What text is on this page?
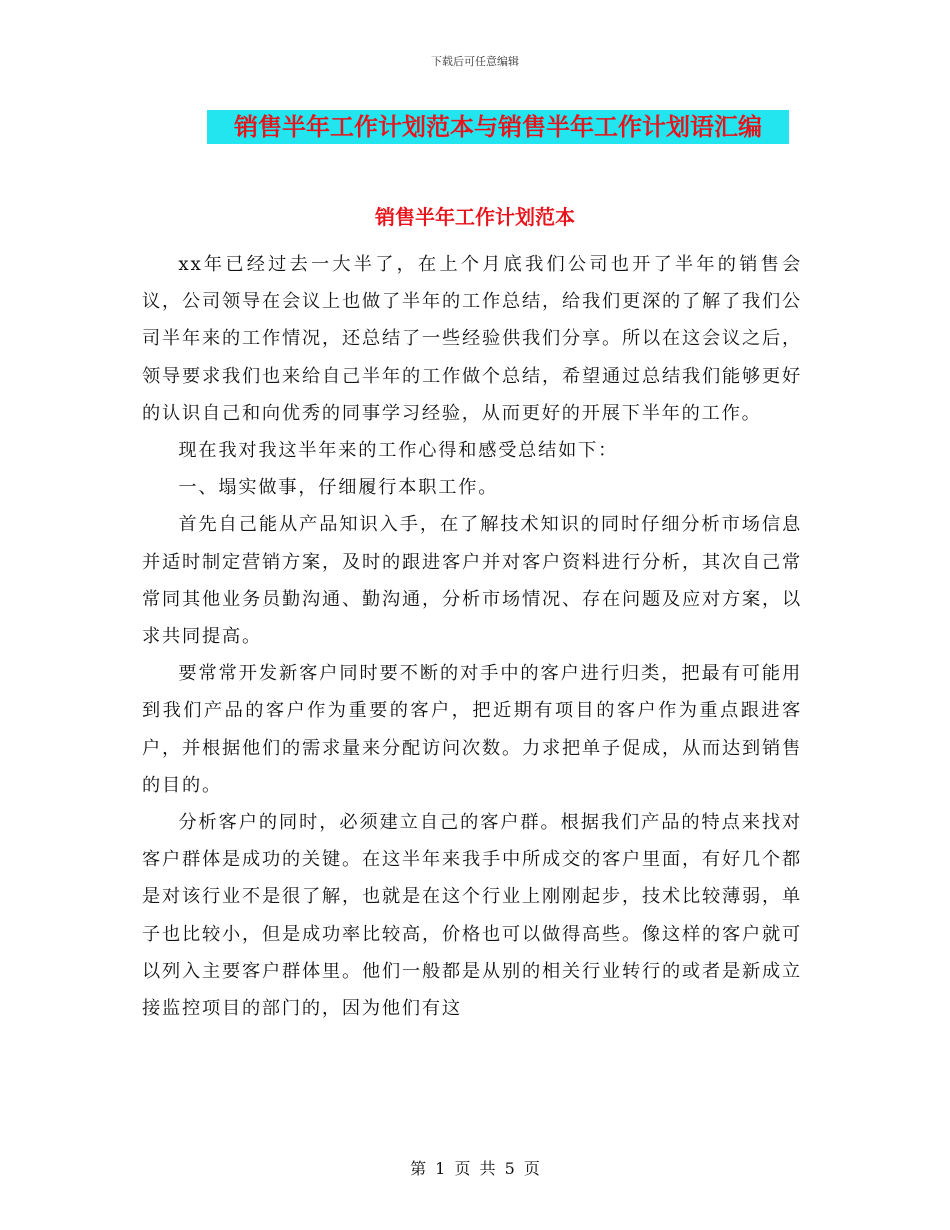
下载后可任意编辑
销售半年工作计划范本与销售半年工作计划语汇编
销售半年工作计划范本

xx年已经过去一大半了，在上个月底我们公司也开了半年的销售会议，公司领导在会议上也做了半年的工作总结，给我们更深的了解了我们公司半年来的工作情况，还总结了一些经验供我们分享。所以在这会议之后，领导要求我们也来给自己半年的工作做个总结，希望通过总结我们能够更好的认识自己和向优秀的同事学习经验，从而更好的开展下半年的工作。

现在我对我这半年来的工作心得和感受总结如下：

一、塌实做事，仔细履行本职工作。

首先自己能从产品知识入手，在了解技术知识的同时仔细分析市场信息并适时制定营销方案，及时的跟进客户并对客户资料进行分析，其次自己常常同其他业务员勤沟通、勤沟通，分析市场情况、存在问题及应对方案，以求共同提高。

要常常开发新客户同时要不断的对手中的客户进行归类，把最有可能用到我们产品的客户作为重要的客户，把近期有项目的客户作为重点跟进客户，并根据他们的需求量来分配访问次数。力求把单子促成，从而达到销售的目的。

分析客户的同时，必须建立自己的客户群。根据我们产品的特点来找对客户群体是成功的关键。在这半年来我手中所成交的客户里面，有好几个都是对该行业不是很了解，也就是在这个行业上刚刚起步，技术比较薄弱，单子也比较小，但是成功率比较高，价格也可以做得高些。像这样的客户就可以列入主要客户群体里。他们一般都是从别的相关行业转行的或者是新成立接监控项目的部门的，因为他们有这

第 1 页 共 5 页
